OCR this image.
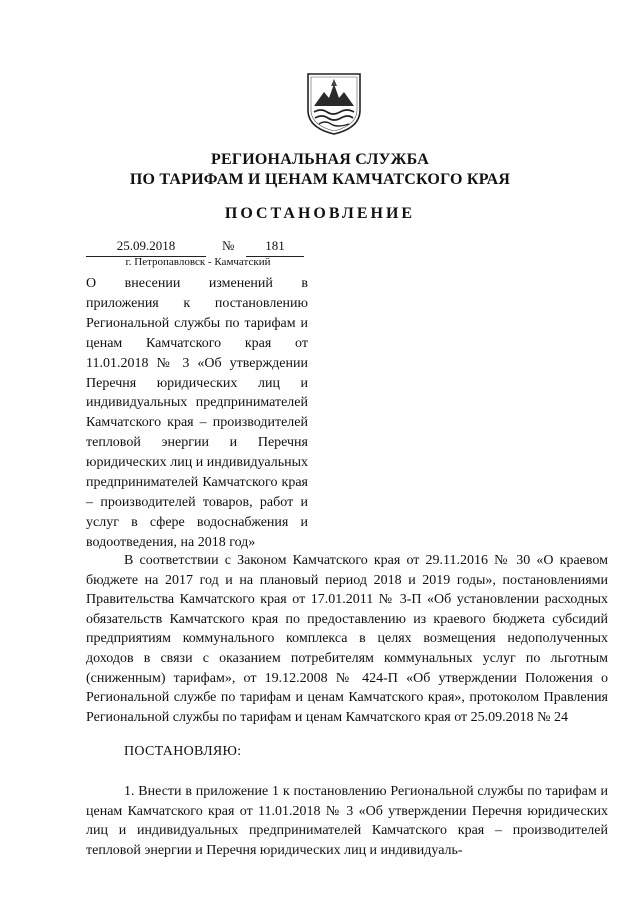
РЕГИОНАЛЬНАЯ СЛУЖБА
ПО ТАРИФАМ И ЦЕНАМ КАМЧАТСКОГО КРАЯ
ПОСТАНОВЛЕНИЕ
25.09.2018	№	181
г. Петропавловск - Камчатский
О внесении изменений в приложения к постановлению Региональной службы по тарифам и ценам Камчатского края от 11.01.2018 № 3 «Об утверждении Перечня юридических лиц и индивидуальных предпринимателей Камчатского края – производителей тепловой энергии и Перечня юридических лиц и индивидуальных предпринимателей Камчатского края – производителей товаров, работ и услуг в сфере водоснабжения и водоотведения, на 2018 год»
В соответствии с Законом Камчатского края от 29.11.2016 № 30 «О краевом бюджете на 2017 год и на плановый период 2018 и 2019 годы», постановлениями Правительства Камчатского края от 17.01.2011 № 3-П «Об установлении расходных обязательств Камчатского края по предоставлению из краевого бюджета субсидий предприятиям коммунального комплекса в целях возмещения недополученных доходов в связи с оказанием потребителям коммунальных услуг по льготным (сниженным) тарифам», от 19.12.2008 № 424-П «Об утверждении Положения о Региональной службе по тарифам и ценам Камчатского края», протоколом Правления Региональной службы по тарифам и ценам Камчатского края от 25.09.2018 № 24
ПОСТАНОВЛЯЮ:
1. Внести в приложение 1 к постановлению Региональной службы по тарифам и ценам Камчатского края от 11.01.2018 № 3 «Об утверждении Перечня юридических лиц и индивидуальных предпринимателей Камчатского края – производителей тепловой энергии и Перечня юридических лиц и индивидуаль-
